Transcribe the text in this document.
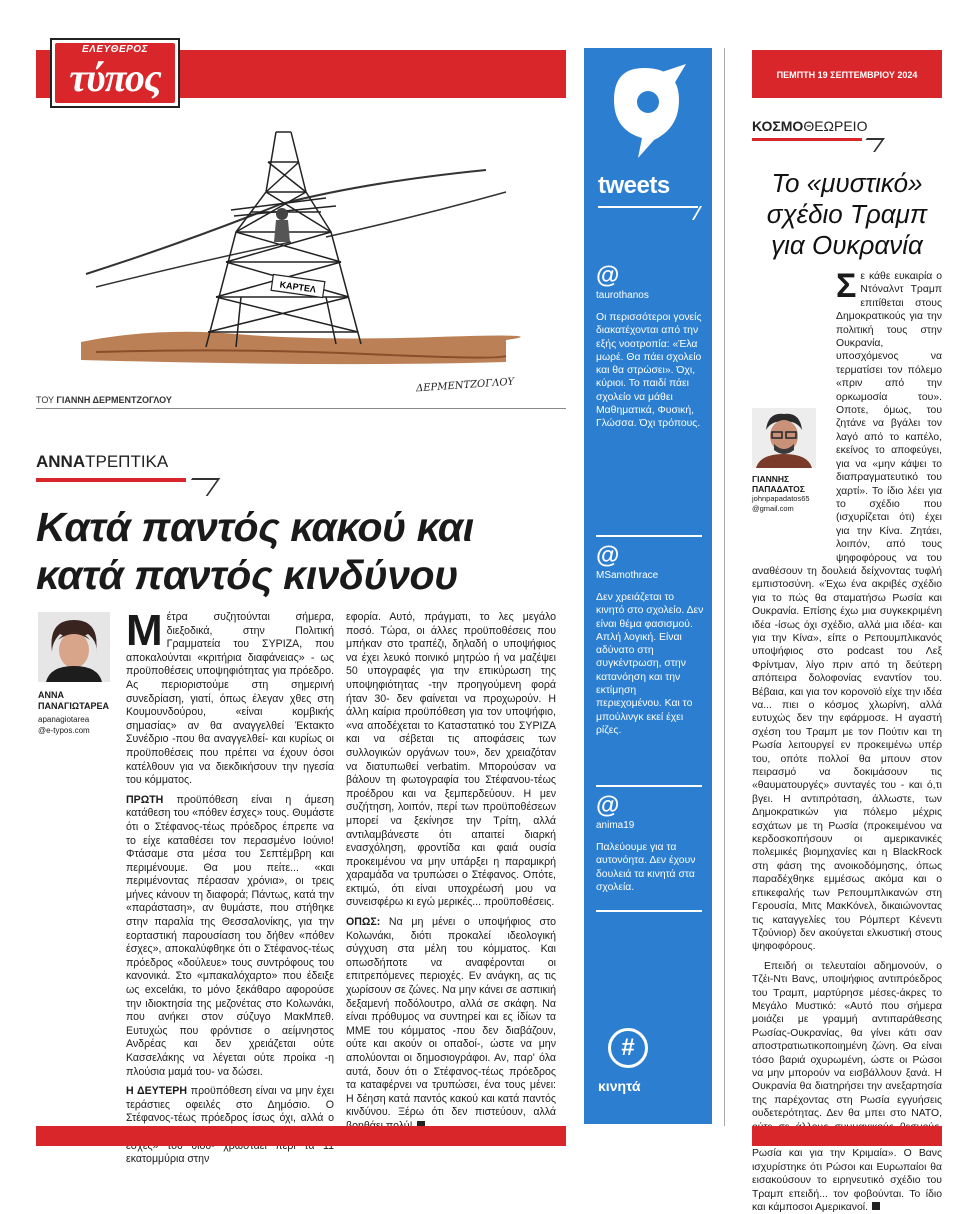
ΕΛΕΥΘΕΡΟΣ
τύπος
ΚΑΡΤΕΛ
ΤΟΥ ΓΙΑΝΝΗ ΔΕΡΜΕΝΤΖΟΓΛΟΥ
ΔΕΡΜΕΝΤΖΟΓΛΟΥ
ΑΝΝΑΤΡΕΠΤΙΚΑ
Κατά παντός κακού και
κατά παντός κινδύνου
ΑΝΝΑ
ΠΑΝΑΓΙΩΤΑΡΕΑ
apanagiotarea
@e-typos.com

Μέτρα συζητούνται σήμερα, διεξοδικά, στην Πολιτική Γραμματεία του ΣΥΡΙΖΑ, που αποκαλούνται «κριτήρια διαφάνειας» - ως προϋποθέσεις υποψηφιότητας για πρόεδρο. Ας περιοριστούμε στη σημερινή συνεδρίαση, γιατί, όπως έλεγαν χθες στη Κουμουνδούρου, «είναι κομβικής σημασίας» αν θα αναγγελθεί Έκτακτο Συνέδριο -που θα αναγγελθεί- και κυρίως οι προϋποθέσεις που πρέπει να έχουν όσοι κατέλθουν για να διεκδικήσουν την ηγεσία του κόμματος.

ΠΡΩΤΗ προϋπόθεση είναι η άμεση κατάθεση του «πόθεν έσχες» τους. Θυμάστε ότι ο Στέφανος-τέως πρόεδρος έπρεπε να το είχε καταθέσει τον περασμένο Ιούνιο! Φτάσαμε στα μέσα του Σεπτέμβρη και περιμένουμε. Θα μου πείτε... «και περιμένοντας πέρασαν χρόνια», οι τρεις μήνες κάνουν τη διαφορά; Πάντως, κατά την «παράσταση», αν θυμάστε, που στήθηκε στην παραλία της Θεσσαλονίκης, για την εορταστική παρουσίαση του δήθεν «πόθεν έσχες», αποκαλύφθηκε ότι ο Στέφανος-τέως πρόεδρος «δούλευε» τους συντρόφους του κανονικά. Στο «μπακαλόχαρτο» που έδειξε ως excelάκι, το μόνο ξεκάθαρο αφορούσε την ιδιοκτησία της μεζονέτας στο Κολωνάκι, που ανήκει στον σύζυγο ΜακΜπεθ. Ευτυχώς που φρόντισε ο αείμνηστος Ανδρέας και δεν χρειάζεται ούτε Κασσελάκης να λέγεται ούτε προίκα -η πλούσια μαμά του- να δώσει.

Η ΔΕΥΤΕΡΗ προϋπόθεση είναι να μην έχει τεράστιες οφειλές στο Δημόσιο. Ο Στέφανος-τέως πρόεδρος ίσως όχι, αλλά ο εκατομμύρια στην

εφορία. Αυτό, πράγματι, το λες μεγάλο ποσό. Τώρα, οι άλλες προϋποθέσεις που μπήκαν στο τραπέζι, δηλαδή ο υποψήφιος να έχει λευκό ποινικό μητρώο ή να μαζέψει 50 υπογραφές για την επικύρωση της υποψηφιότητας -την προηγούμενη φορά ήταν 30- δεν φαίνεται να προχωρούν. Η άλλη καίρια προϋπόθεση για τον υποψήφιο, «να αποδέχεται το Καταστατικό του ΣΥΡΙΖΑ και να σέβεται τις αποφάσεις των συλλογικών οργάνων του», δεν χρειαζόταν να διατυπωθεί verbatim. Μπορούσαν να βάλουν τη φωτογραφία του Στέφανου-τέως προέδρου και να ξεμπερδεύουν. Η μεν συζήτηση, λοιπόν, περί των προϋποθέσεων μπορεί να ξεκίνησε την Τρίτη, αλλά αντιλαμβάνεστε ότι απαιτεί διαρκή ενασχόληση, φροντίδα και φαιά ουσία προκειμένου να μην υπάρξει η παραμικρή χαραμάδα να τρυπώσει ο Στέφανος. Οπότε, εκτιμώ, ότι είναι υποχρέωσή μου να συνεισφέρω κι εγώ μερικές... προϋποθέσεις.

ΟΠΩΣ: Να μη μένει ο υποψήφιος στο Κολωνάκι, διότι προκαλεί ιδεολογική σύγχυση στα μέλη του κόμματος. Και οπωσδήποτε να αναφέρονται οι επιτρεπόμενες περιοχές. Εν ανάγκη, ας τις χωρίσουν σε ζώνες. Να μην κάνει σε ασπικιή δεξαμενή ποδόλουτρο, αλλά σε σκάφη. Να είναι πρόθυμος να συντηρεί και ες ίδίων τα ΜΜΕ του κόμματος -που δεν διαβάζουν, ούτε και ακούν οι οπαδοί-, ώστε να μην απολύονται οι δημοσιογράφοι. Αν, παρ' όλα αυτά, δουν ότι ο Στέφανος-τέως πρόεδρος τα καταφέρνει να τρυπώσει, ένα τους μένει: Η δέηση κατά παντός κακού και κατά παντός κινδύνου. Ξέρω ότι δεν πιστεύουν, αλλά

tweets
@
taurothanos
Οι περισσότεροι γονείς διακατέχονται από την εξής νοοτροπία: «Έλα μωρέ. Θα πάει σχολείο και θα στρώσει». Όχι, κύριοι. Το παιδί πάει σχολείο να μάθει Μαθηματικά, Φυσική, Γλώσσα. Όχι τρόπους.
@
MSamothrace
Δεν χρειάζεται το κινητό στο σχολείο. Δεν είναι θέμα φασισμού. Απλή λογική. Είναι αδύνατο στη συγκέντρωση, στην κατανόηση και την εκτίμηση περιεχομένου. Και το μπούλινγκ εκεί έχει ρίζες.
@
anima19
Παλεύουμε για τα αυτονόητα. Δεν έχουν δουλειά τα κινητά στα σχολεία.
#
κινητά
ΠΕΜΠΤΗ 19 ΣΕΠΤΕΜΒΡΙΟΥ 2024
ΚΟΣΜΟΘΕΩΡΕΙΟ
Το «μυστικό»
σχέδιο Τραμπ
για Ουκρανία
ΓΙΑΝΝΗΣ
ΠΑΠΑΔΑΤΟΣ
johnpapadatos65
@gmail.com

Σε κάθε ευκαιρία ο Ντόναλντ Τραμπ επιτίθεται στους Δημοκρατικούς για την πολιτική τους στην Ουκρανία, υποσχόμενος να τερματίσει τον πόλεμο «πριν από την ορκωμοσία του». Οποτε, όμως, του ζητάνε να βγάλει τον λαγό από το καπέλο, εκείνος το αποφεύγει, για να «μην κάψει το διαπραγματευτικό του χαρτί». Το ίδιο λέει για το σχέδιο που (ισχυρίζεται ότι) έχει για την Κίνα. Ζητάει, λοιπόν, από τους ψηφοφόρους να του αναθέσουν τη δουλειά δείχνοντας τυφλή εμπιστοσύνη. «Έχω ένα ακριβές σχέδιο για το πώς θα σταματήσω Ρωσία και Ουκρανία. Επίσης έχω μια συγκεκριμένη ιδέα -ίσως όχι σχέδιο, αλλά μια ιδέα- και για την Κίνα», είπε ο Ρεπουμπλικανός υποψήφιος στο podcast του Λεξ Φρίντμαν, λίγο πριν από τη δεύτερη απόπειρα δολοφονίας εναντίον του. Βέβαια, και για τον κορονοϊό είχε την ιδέα να... πιει ο κόσμος χλωρίνη, αλλά ευτυχώς δεν την εφάρμοσε. Η αγαστή σχέση του Τραμπ με τον Πούτιν και τη Ρωσία λειτουργεί εν προκειμένω υπέρ του, οπότε πολλοί θα μπουν στον πειρασμό να δοκιμάσουν τις «θαυματουργές» συνταγές του - και ό,τι βγει. Η αντιπρόταση, άλλωστε, των Δημοκρατικών για πόλεμο μέχρις εσχάτων με τη Ρωσία (προκειμένου να κερδοσκοπήσουν οι αμερικανικές πολεμικές βιομηχανίες και η BlackRock στη φάση της ανοικοδόμησης, όπως παραδέχθηκε εμμέσως ακόμα και ο επικεφαλής των Ρεπουμπλικανών στη Γερουσία, Μιτς ΜακΚόνελ, δικαιώνοντας τις καταγγελίες του Ρόμπερτ Κένεντι Τζούνιορ) δεν ακούγεται ελκυστική στους ψηφοφόρους.

Επειδή οι τελευταίοι αδημονούν, ο Τζέι-Ντι Βανς, υποψήφιος αντιπρόεδρος του Τραμπ, μαρτύρησε μέσες-άκρες το Μεγάλο Μυστικό: «Αυτό που σήμερα μοιάζει με γραμμή αντιπαράθεσης Ρωσίας-Ουκρανίας, θα γίνει κάτι σαν αποστρατιωτικοποιημένη ζώνη. Θα είναι τόσο βαριά οχυρωμένη, ώστε οι Ρώσοι να μην μπορούν να εισβάλλουν ξανά. Η Ουκρανία θα διατηρήσει την ανεξαρτησία της παρέχοντας στη Ρωσία εγγυήσεις ουδετερότητας. Δεν θα μπει στο ΝΑΤΟ, Ρωσία και για την Κριμαία». Ο Βανς ισχυρίστηκε ότι Ρώσοι και Ευρωπαίοι θα εισακούσουν το ειρηνευτικό σχέδιο του Τραμπ επειδή... τον φοβούνται. Το ίδιο και κάμποσοι Αμερικανοί.
